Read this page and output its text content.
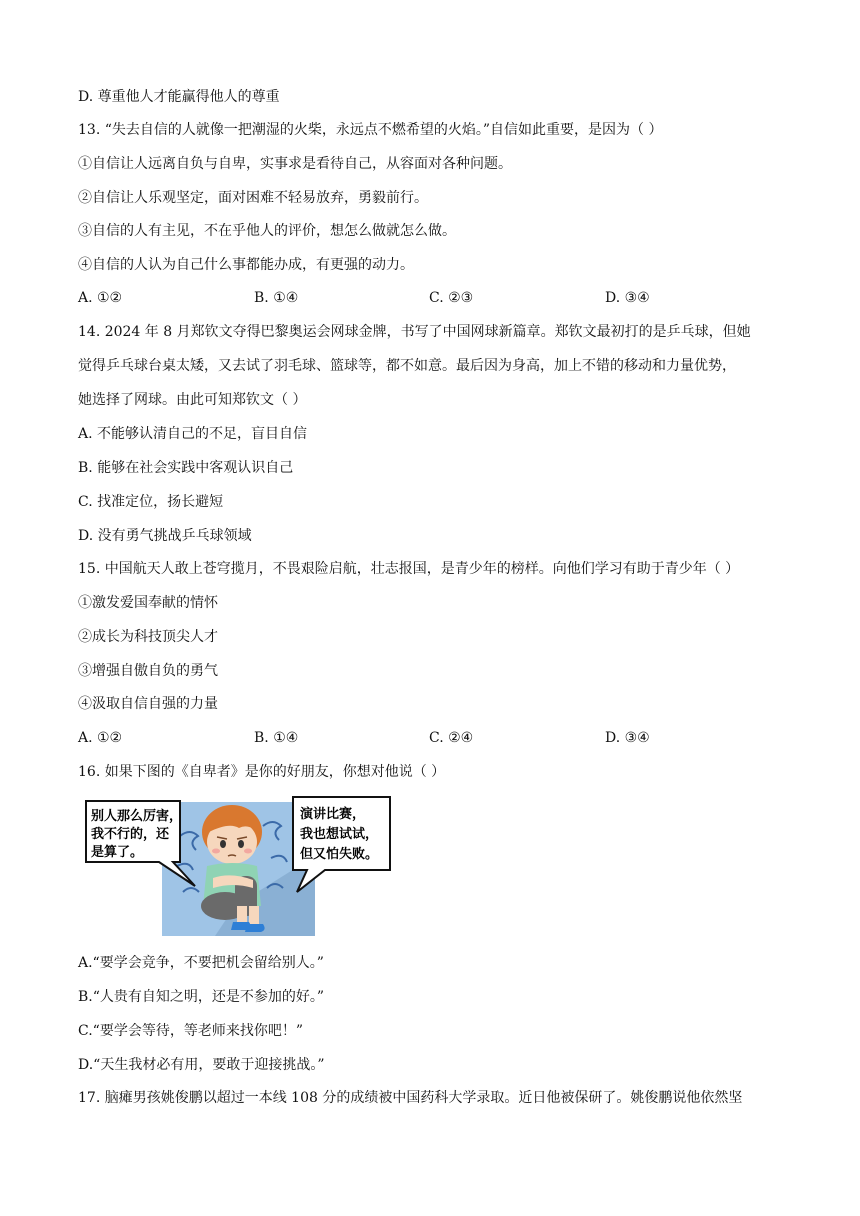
D. 尊重他人才能赢得他人的尊重
13. “失去自信的人就像一把潮湿的火柴，永远点不燃希望的火焰。”自信如此重要，是因为（ ）
①自信让人远离自负与自卑，实事求是看待自己，从容面对各种问题。
②自信让人乐观坚定，面对困难不轻易放弃，勇毅前行。
③自信的人有主见，不在乎他人的评价，想怎么做就怎么做。
④自信的人认为自己什么事都能办成，有更强的动力。
A. ①②	B. ①④	C. ②③	D. ③④
14. 2024 年 8 月郑钦文夺得巴黎奥运会网球金牌，书写了中国网球新篇章。郑钦文最初打的是乒乓球，但她
觉得乒乓球台桌太矮，又去试了羽毛球、篮球等，都不如意。最后因为身高，加上不错的移动和力量优势，
她选择了网球。由此可知郑钦文（ ）
A. 不能够认清自己的不足，盲目自信
B. 能够在社会实践中客观认识自己
C. 找准定位，扬长避短
D. 没有勇气挑战乒乓球领域
15. 中国航天人敢上苍穹揽月，不畏艰险启航，壮志报国，是青少年的榜样。向他们学习有助于青少年（ ）
①激发爱国奉献的情怀
②成长为科技顶尖人才
③增强自傲自负的勇气
④汲取自信自强的力量
A. ①②	B. ①④	C. ②④	D. ③④
16. 如果下图的《自卑者》是你的好朋友，你想对他说（ ）
别人那么厉害，
我不行的，还
是算了。
演讲比赛，
我也想试试，
但又怕失败。
A.“要学会竞争，不要把机会留给别人。”
B.“人贵有自知之明，还是不参加的好。”
C.“要学会等待，等老师来找你吧！”
D.“天生我材必有用，要敢于迎接挑战。”
17. 脑瘫男孩姚俊鹏以超过一本线 108 分的成绩被中国药科大学录取。近日他被保研了。姚俊鹏说他依然坚
